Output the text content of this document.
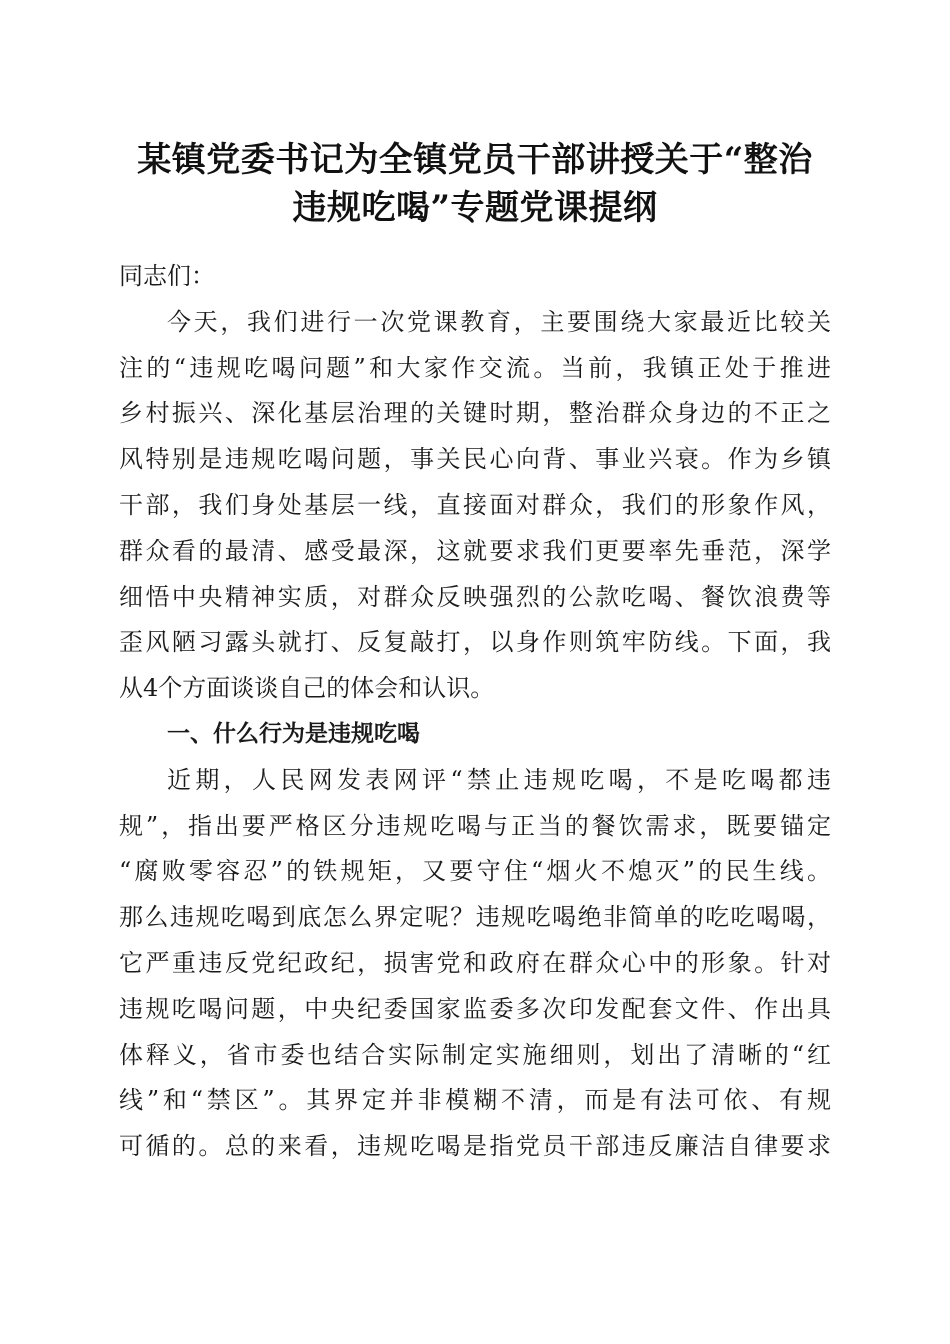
某镇党委书记为全镇党员干部讲授关于“整治
违规吃喝”专题党课提纲
同志们：
今天，我们进行一次党课教育，主要围绕大家最近比较关
注的“违规吃喝问题”和大家作交流。当前，我镇正处于推进
乡村振兴、深化基层治理的关键时期，整治群众身边的不正之
风特别是违规吃喝问题，事关民心向背、事业兴衰。作为乡镇
干部，我们身处基层一线，直接面对群众，我们的形象作风，
群众看的最清、感受最深，这就要求我们更要率先垂范，深学
细悟中央精神实质，对群众反映强烈的公款吃喝、餐饮浪费等
歪风陋习露头就打、反复敲打，以身作则筑牢防线。下面，我
从4个方面谈谈自己的体会和认识。
一、什么行为是违规吃喝
近期，人民网发表网评“禁止违规吃喝，不是吃喝都违
规”，指出要严格区分违规吃喝与正当的餐饮需求，既要锚定
“腐败零容忍”的铁规矩，又要守住“烟火不熄灭”的民生线。
那么违规吃喝到底怎么界定呢？违规吃喝绝非简单的吃吃喝喝，
它严重违反党纪政纪，损害党和政府在群众心中的形象。针对
违规吃喝问题，中央纪委国家监委多次印发配套文件、作出具
体释义，省市委也结合实际制定实施细则，划出了清晰的“红
线”和“禁区”。其界定并非模糊不清，而是有法可依、有规
可循的。总的来看，违规吃喝是指党员干部违反廉洁自律要求
